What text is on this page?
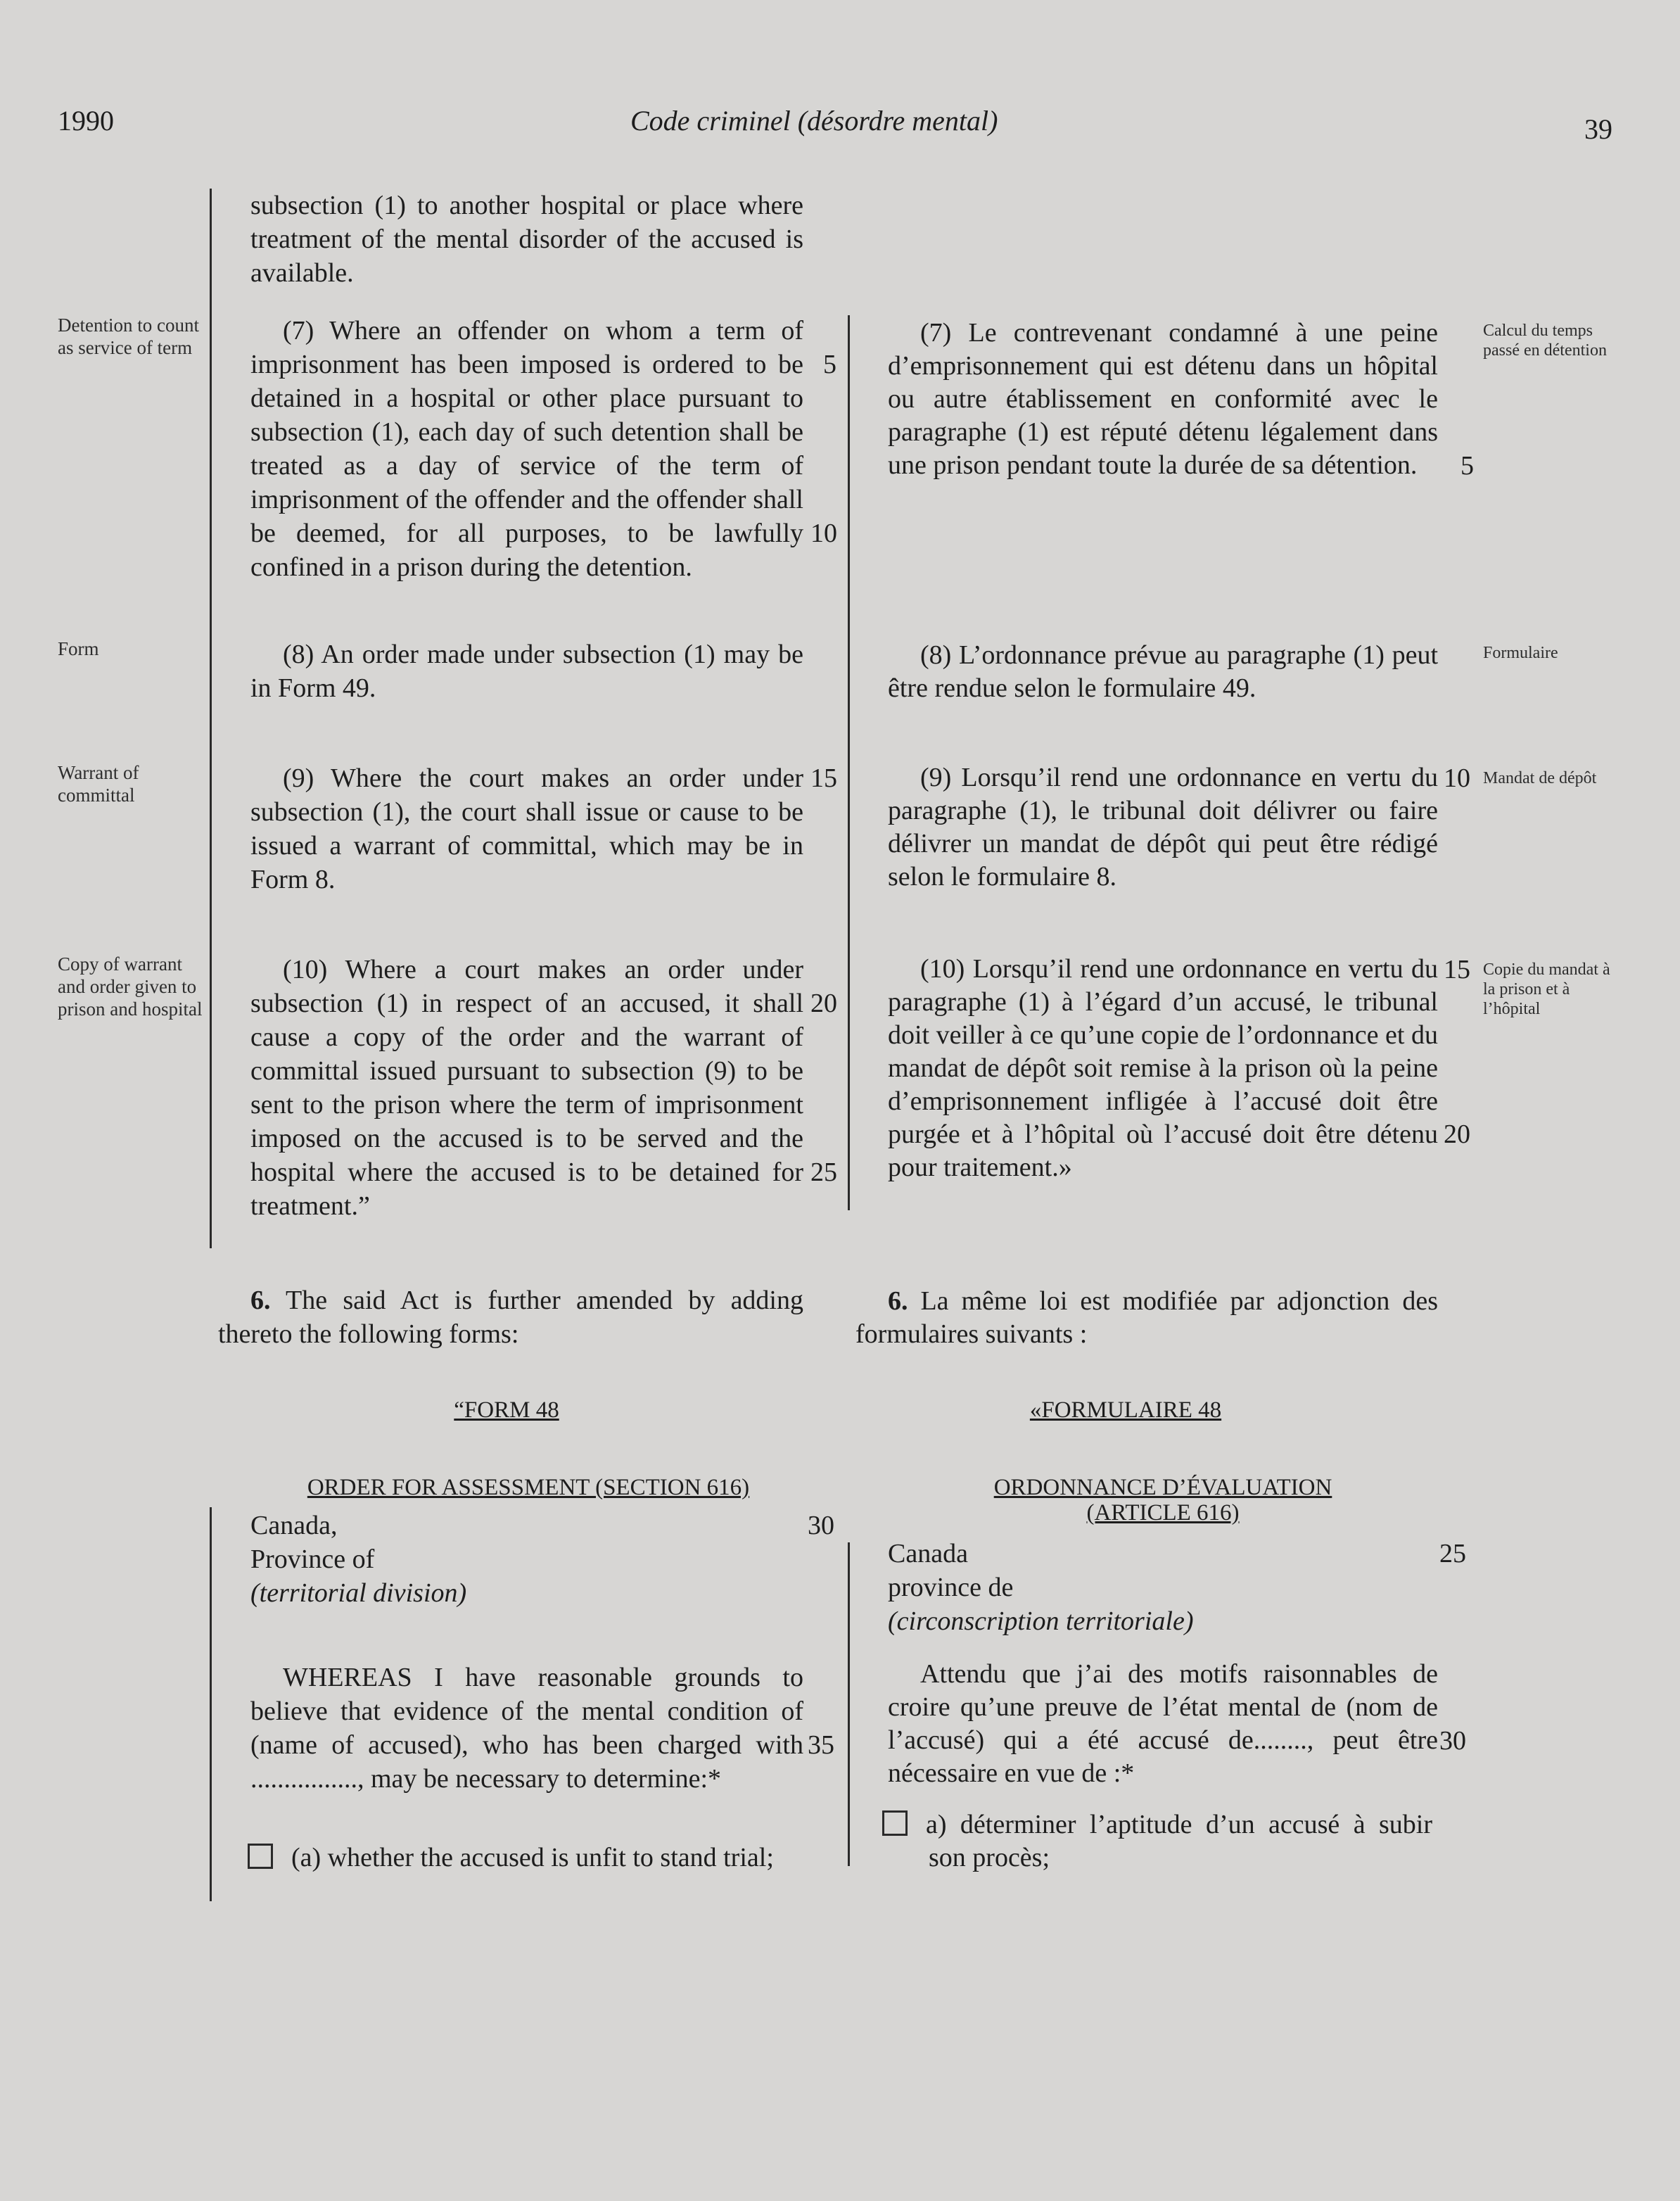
1990	Code criminel (désordre mental)	39
Detention to count as service of term
Form
Warrant of committal
Copy of warrant and order given to prison and hospital
Calcul du temps passé en détention
Formulaire
Mandat de dépôt
Copie du mandat à la prison et à l’hôpital

subsection (1) to another hospital or place where treatment of the mental disorder of the accused is available.

(7) Where an offender on whom a term of imprisonment has been imposed is ordered to be detained in a hospital or other place pursuant to subsection (1), each day of such detention shall be treated as a day of service of the term of imprisonment of the offender and the offender shall be deemed, for all purposes, to be lawfully confined in a prison during the detention.

(8) An order made under subsection (1) may be in Form 49.

(9) Where the court makes an order under subsection (1), the court shall issue or cause to be issued a warrant of committal, which may be in Form 8.

(10) Where a court makes an order under subsection (1) in respect of an accused, it shall cause a copy of the order and the warrant of committal issued pursuant to subsection (9) to be sent to the prison where the term of imprisonment imposed on the accused is to be served and the hospital where the accused is to be detained for treatment.”

6. The said Act is further amended by adding thereto the following forms:

(7) Le contrevenant condamné à une peine d’emprisonnement qui est détenu dans un hôpital ou autre établissement en conformité avec le paragraphe (1) est réputé détenu légalement dans une prison pendant toute la durée de sa détention.

(8) L’ordonnance prévue au paragraphe (1) peut être rendue selon le formulaire 49.

(9) Lorsqu’il rend une ordonnance en vertu du paragraphe (1), le tribunal doit délivrer ou faire délivrer un mandat de dépôt qui peut être rédigé selon le formulaire 8.

(10) Lorsqu’il rend une ordonnance en vertu du paragraphe (1) à l’égard d’un accusé, le tribunal doit veiller à ce qu’une copie de l’ordonnance et du mandat de dépôt soit remise à la prison où la peine d’emprisonnement infligée à l’accusé doit être purgée et à l’hôpital où l’accusé doit être détenu pour traitement.»

6. La même loi est modifiée par adjonction des formulaires suivants :

5
10
15
20
25
30
35
5
10
15
20
25
30
“FORM 48
ORDER FOR ASSESSMENT (SECTION 616)
Canada,
Province of
(territorial division)

WHEREAS I have reasonable grounds to believe that evidence of the mental condition of (name of accused), who has been charged with ................, may be necessary to determine:*

(a) whether the accused is unfit to stand trial;

«FORMULAIRE 48
ORDONNANCE D’ÉVALUATION
(ARTICLE 616)
Canada
province de
(circonscription territoriale)

Attendu que j’ai des motifs raisonnables de croire qu’une preuve de l’état mental de (nom de l’accusé) qui a été accusé de........, peut être nécessaire en vue de :*

a) déterminer l’aptitude d’un accusé à subir son procès;
